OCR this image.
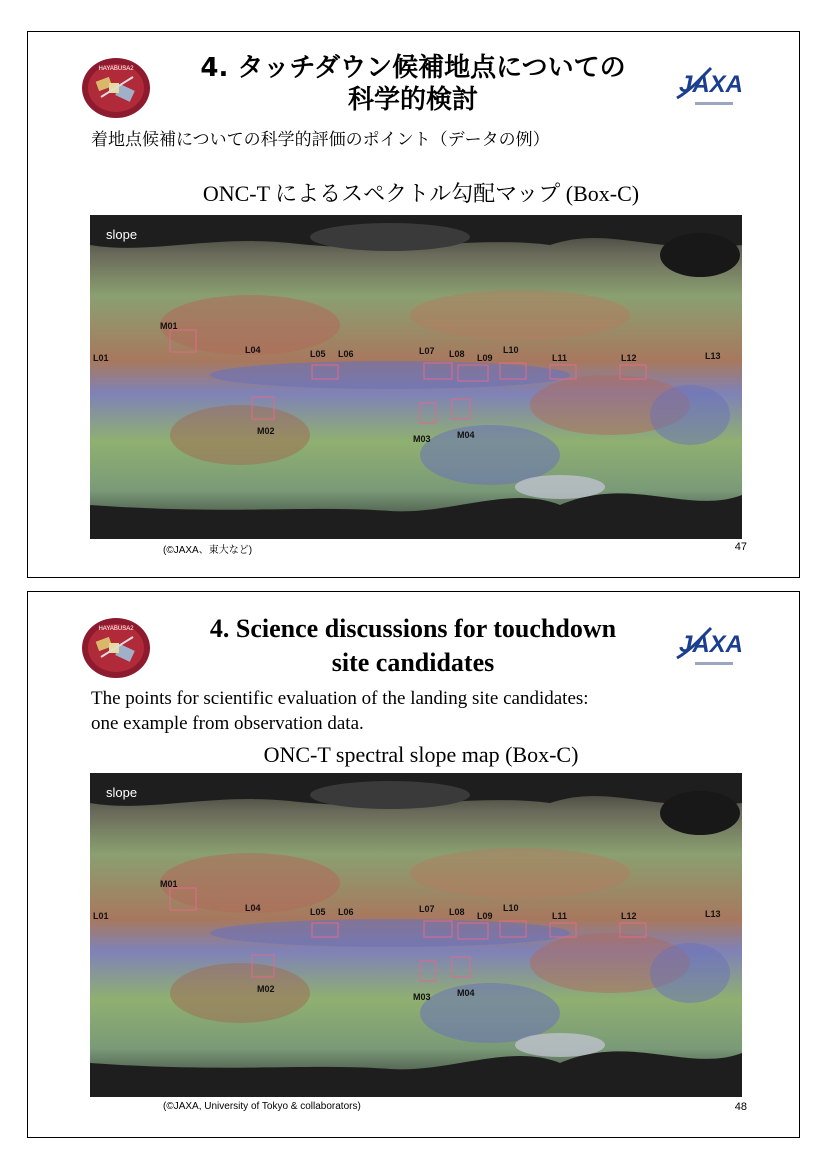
HAYABUSA2	4. タッチダウン候補地点についての
科学的検討
JAXA
着地点候補についての科学的評価のポイント（データの例）
ONC-T によるスペクトル勾配マップ (Box-C)
slope
M01
L01
L04	L05 L06	L07 L08 L09
L10
L11	L12	L13
M02
M03	M04
(©JAXA、東大など)	47
HAYABUSA2	4. Science discussions for touchdown
site candidates
JAXA
The points for scientific evaluation of the landing site candidates:
one example from observation data.
ONC-T spectral slope map (Box-C)
slope
M01
L01
L04	L05 L06	L07 L08 L09
L10
L11	L12	L13
M02
M03	M04
(©JAXA, University of Tokyo & collaborators)	48
